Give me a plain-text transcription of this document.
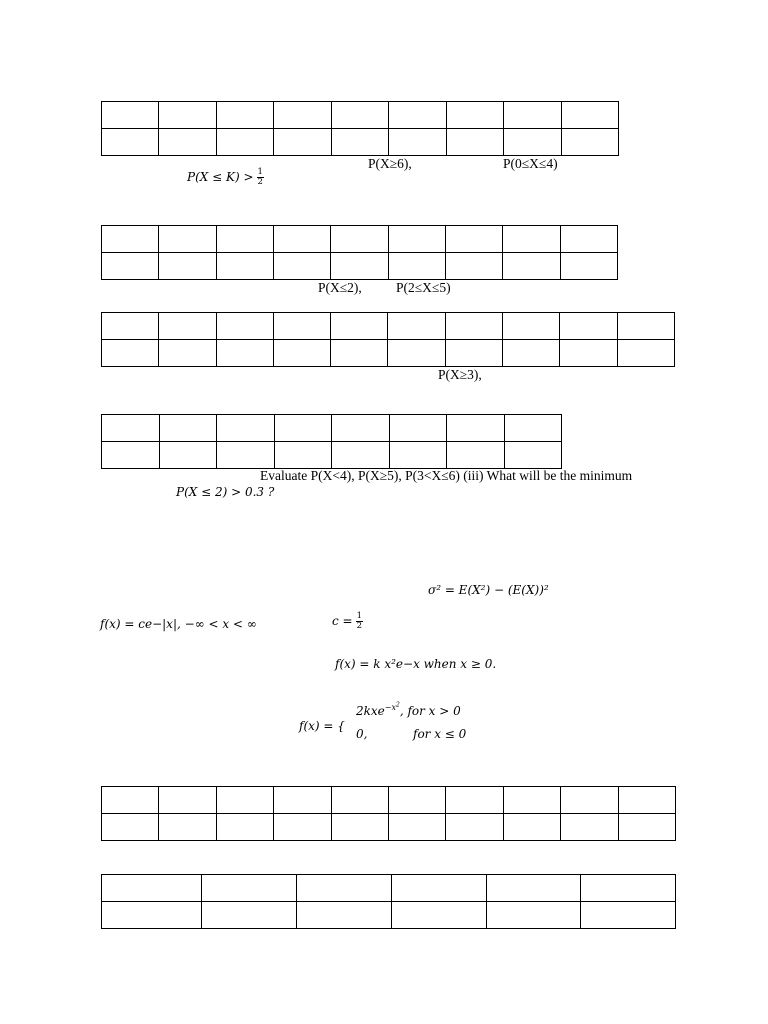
P(X≥6),	P(0≤X≤4)
$P(X \le K) > \frac{1}{2}$

P(X≤2),	P(2≤X≤5)

P(X≥3),

Evaluate P(X<4), P(X≥5), P(3<X≤6) (iii) What will be the minimum
P(X ≤ 2) > 0.3 ?
σ² = E(X²) − (E(X))²
f(x) = ce−|x|, −∞ < x < ∞	$c = \frac{1}{2}$
f(x) = k x²e−x when x ≥ 0.
f(x) = {
2kxe$^{-x^2}$, for x > 0
0,	for x ≤ 0
